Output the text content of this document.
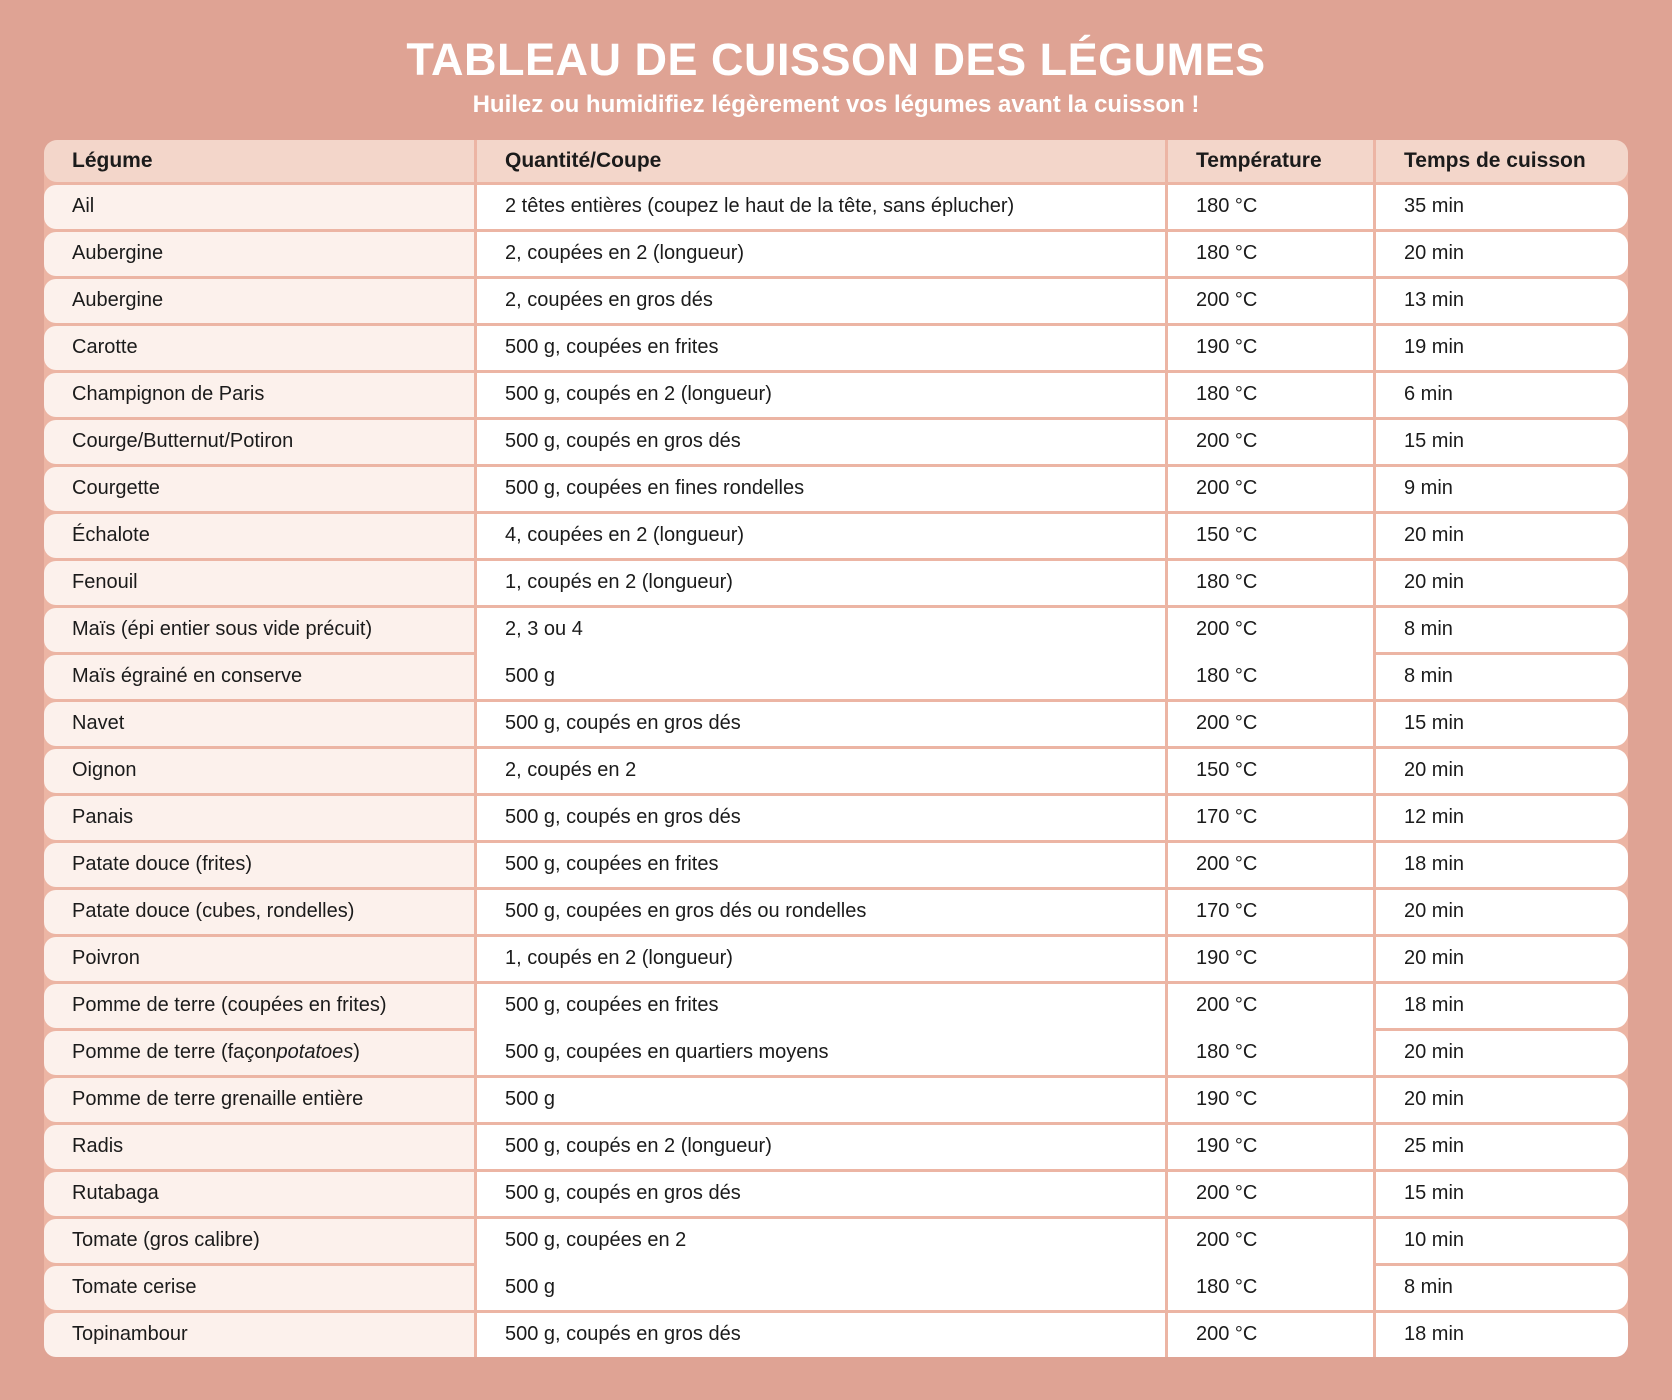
TABLEAU DE CUISSON DES LÉGUMES

Huilez ou humidifiez légèrement vos légumes avant la cuisson !

Légume	Quantité/Coupe	Température	Temps de cuisson
Ail	2 têtes entières (coupez le haut de la tête, sans éplucher)	180 °C	35 min
Aubergine	2, coupées en 2 (longueur)	180 °C	20 min
Aubergine	2, coupées en gros dés	200 °C	13 min
Carotte	500 g, coupées en frites	190 °C	19 min
Champignon de Paris	500 g, coupés en 2 (longueur)	180 °C	6 min
Courge/Butternut/Potiron	500 g, coupés en gros dés	200 °C	15 min
Courgette	500 g, coupées en fines rondelles	200 °C	9 min
Échalote	4, coupées en 2 (longueur)	150 °C	20 min
Fenouil	1, coupés en 2 (longueur)	180 °C	20 min
Maïs (épi entier sous vide précuit)	2, 3 ou 4	200 °C	8 min
Maïs égrainé en conserve	500 g	180 °C	8 min
Navet	500 g, coupés en gros dés	200 °C	15 min
Oignon	2, coupés en 2	150 °C	20 min
Panais	500 g, coupés en gros dés	170 °C	12 min
Patate douce (frites)	500 g, coupées en frites	200 °C	18 min
Patate douce (cubes, rondelles)	500 g, coupées en gros dés ou rondelles	170 °C	20 min
Poivron	1, coupés en 2 (longueur)	190 °C	20 min
Pomme de terre (coupées en frites)	500 g, coupées en frites	200 °C	18 min
Pomme de terre (façon potatoes )	500 g, coupées en quartiers moyens	180 °C	20 min
Pomme de terre grenaille entière	500 g	190 °C	20 min
Radis	500 g, coupés en 2 (longueur)	190 °C	25 min
Rutabaga	500 g, coupés en gros dés	200 °C	15 min
Tomate (gros calibre)	500 g, coupées en 2	200 °C	10 min
Tomate cerise	500 g	180 °C	8 min
Topinambour	500 g, coupés en gros dés	200 °C	18 min
